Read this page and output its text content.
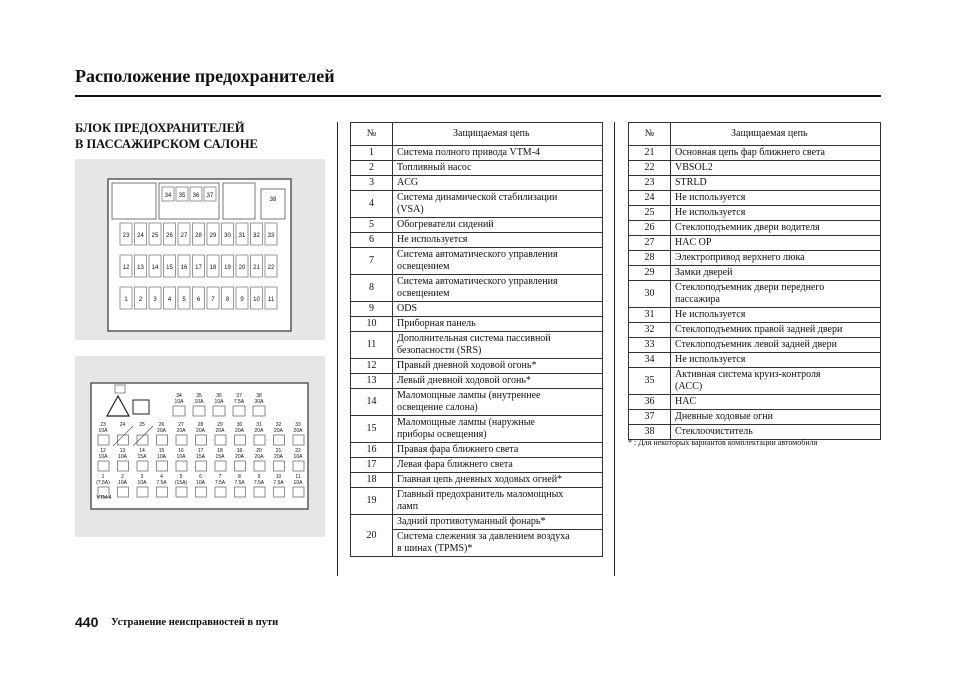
Расположение предохранителей
БЛОК ПРЕДОХРАНИТЕЛЕЙ
В ПАССАЖИРСКОМ САЛОНЕ
34 35 36 37
38
23 24 25 26 27 28 29 30 31 32 33
12 13 14 15 16 17 18 19 20 21 22
1 2 3 4 5 6 7 8 9 10 11
34
10A
35
10A
36
10A
37
7.5A
38
30A
23
10A
24	25	26
20A
27
20A
28
20A
29
20A
30
20A
31
20A
32
20A
33
20A
12
10A
13
10A
14
15A
15
10A
16
10A
17
15A
18
15A
19
20A
20
20A
21
20A
22
10A
1
(7.5A)
2
10A
3
10A
4
7.5A
5
(15A)
6
10A
7
7.5A
8
7.5A
9
7.5A
10
7.5A
11
10A
VTM-4
№	Защищаемая цепь
1	Система полного привода VTM-4

2	Топливный насос

3	ACG

4	Система динамической стабилизации
(VSA)

5	Обогреватели сидений

6	Не используется

7	Система автоматического управления
освещением

8	Система автоматического управления
освещением

9	ODS

10	Приборная панель

11	Дополнительная система пассивной
безопасности (SRS)

12	Правый дневной ходовой огонь*

13	Левый дневной ходовой огонь*

14	Маломощные лампы (внутреннее
освещение салона)

15	Маломощные лампы (наружные
приборы освещения)

16	Правая фара ближнего света

17	Левая фара ближнего света

18	Главная цепь дневных ходовых огней*

19	Главный предохранитель маломощных
ламп

20	Задний противотуманный фонарь*

	Система слежения за давлением воздуха
в шинах (TPMS)*
№	Защищаемая цепь
21	Основная цепь фар ближнего света

22	VBSOL2

23	STRLD

24	Не используется

25	Не используется

26	Стеклоподъемник двери водителя

27	HAC OP

28	Электропривод верхнего люка

29	Замки дверей

30	Стеклоподъемник двери переднего
пассажира

31	Не используется

32	Стеклоподъемник правой задней двери

33	Стеклоподъемник левой задней двери

34	Не используется

35	Активная система круиз-контроля
(ACC)

36	HAC

37	Дневные ходовые огни

38	Стеклоочиститель
* : Для некоторых вариантов комплектации автомобиля
440 Устранение неисправностей в пути
